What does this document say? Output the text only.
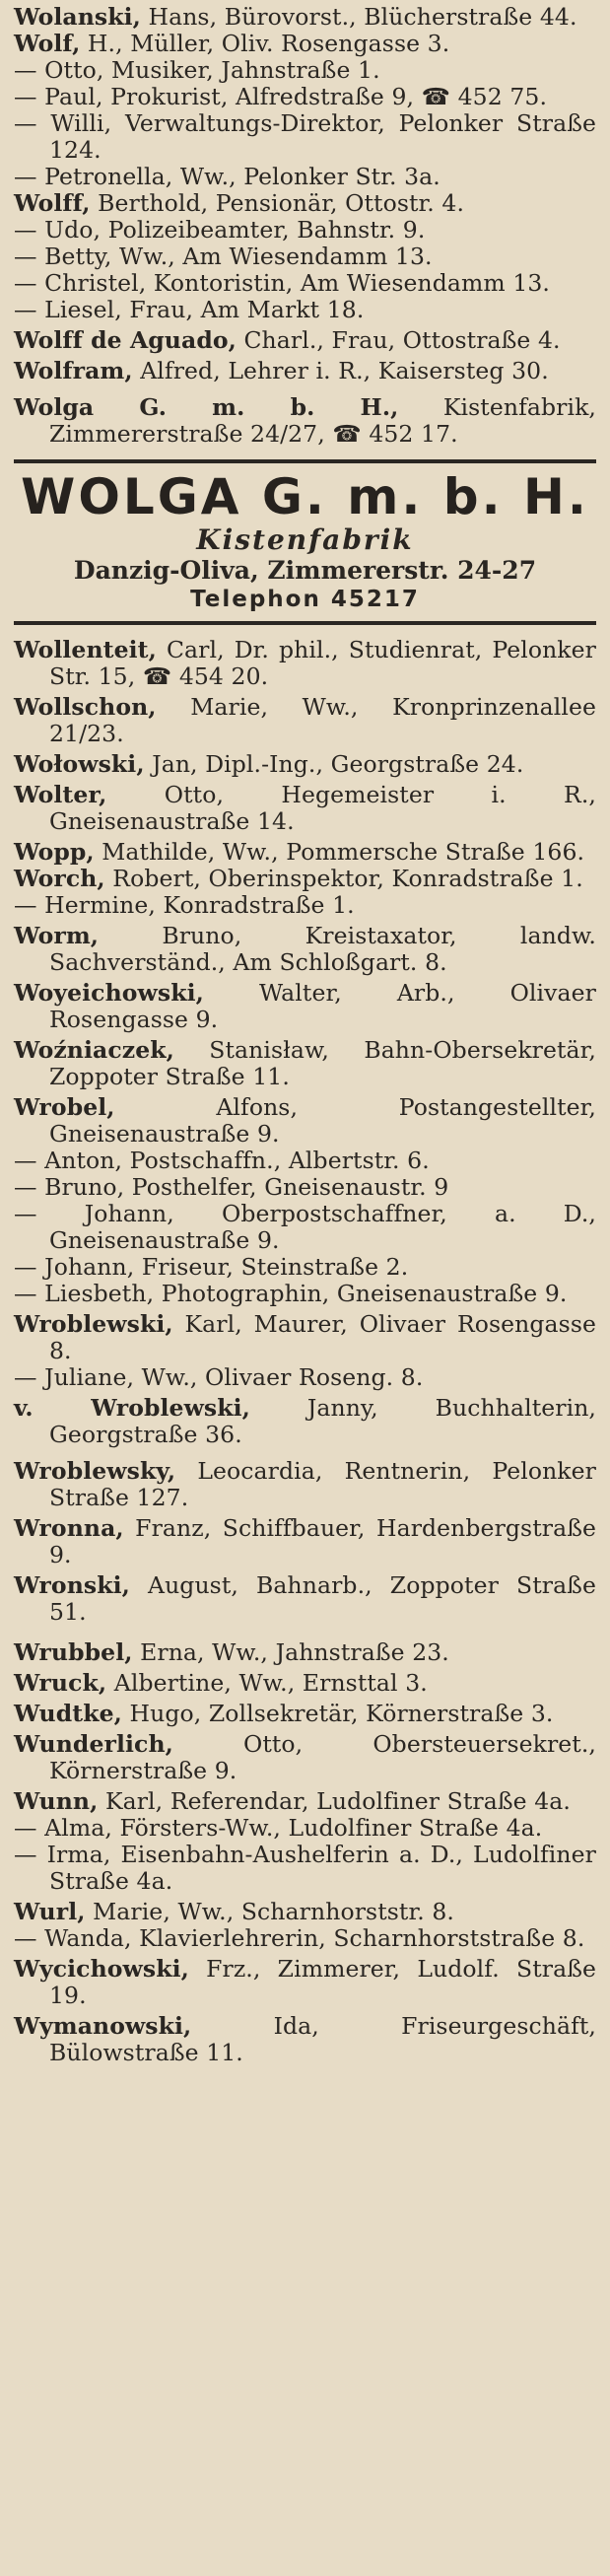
Wolanski, Hans, Bürovorst., Blücherstraße 44.

Wolf, H., Müller, Oliv. Rosengasse 3.

— Otto, Musiker, Jahnstraße 1.

— Paul, Prokurist, Alfredstraße 9, ☎ 452 75.

— Willi, Verwaltungs-Direktor, Pelonker Straße 124.

— Petronella, Ww., Pelonker Str. 3a.

Wolff, Berthold, Pensionär, Ottostr. 4.

— Udo, Polizeibeamter, Bahnstr. 9.

— Betty, Ww., Am Wiesendamm 13.

— Christel, Kontoristin, Am Wiesendamm 13.

— Liesel, Frau, Am Markt 18.

Wolff de Aguado, Charl., Frau, Ottostraße 4.

Wolfram, Alfred, Lehrer i. R., Kaisersteg 30.

Wolga G. m. b. H., Kistenfabrik, Zimmererstraße 24/27, ☎ 452 17.

WOLGA G. m. b. H.
Kistenfabrik
Danzig-Oliva, Zimmererstr. 24-27
Telephon 45217

Wollenteit, Carl, Dr. phil., Studienrat, Pelonker Str. 15, ☎ 454 20.

Wollschon, Marie, Ww., Kronprinzenallee 21/23.

Wołowski, Jan, Dipl.-Ing., Georgstraße 24.

Wolter, Otto, Hegemeister i. R., Gneisenaustraße 14.

Wopp, Mathilde, Ww., Pommersche Straße 166.

Worch, Robert, Oberinspektor, Konradstraße 1.

— Hermine, Konradstraße 1.

Worm, Bruno, Kreistaxator, landw. Sachverständ., Am Schloßgart. 8.

Woyeichowski, Walter, Arb., Olivaer Rosengasse 9.

Woźniaczek, Stanisław, Bahn-Obersekretär, Zoppoter Straße 11.

Wrobel, Alfons, Postangestellter, Gneisenaustraße 9.

— Anton, Postschaffn., Albertstr. 6.

— Bruno, Posthelfer, Gneisenaustr. 9

— Johann, Oberpostschaffner, a. D., Gneisenaustraße 9.

— Johann, Friseur, Steinstraße 2.

— Liesbeth, Photographin, Gneisenaustraße 9.

Wroblewski, Karl, Maurer, Olivaer Rosengasse 8.

— Juliane, Ww., Olivaer Roseng. 8.

v. Wroblewski, Janny, Buchhalterin, Georgstraße 36.

Wroblewsky, Leocardia, Rentnerin, Pelonker Straße 127.

Wronna, Franz, Schiffbauer, Hardenbergstraße 9.

Wronski, August, Bahnarb., Zoppoter Straße 51.

Wrubbel, Erna, Ww., Jahnstraße 23.

Wruck, Albertine, Ww., Ernsttal 3.

Wudtke, Hugo, Zollsekretär, Körnerstraße 3.

Wunderlich, Otto, Obersteuersekret., Körnerstraße 9.

Wunn, Karl, Referendar, Ludolfiner Straße 4a.

— Alma, Försters-Ww., Ludolfiner Straße 4a.

— Irma, Eisenbahn-Aushelferin a. D., Ludolfiner Straße 4a.

Wurl, Marie, Ww., Scharnhorststr. 8.

— Wanda, Klavierlehrerin, Scharnhorststraße 8.

Wycichowski, Frz., Zimmerer, Ludolf. Straße 19.

Wymanowski, Ida, Friseurgeschäft, Bülowstraße 11.
